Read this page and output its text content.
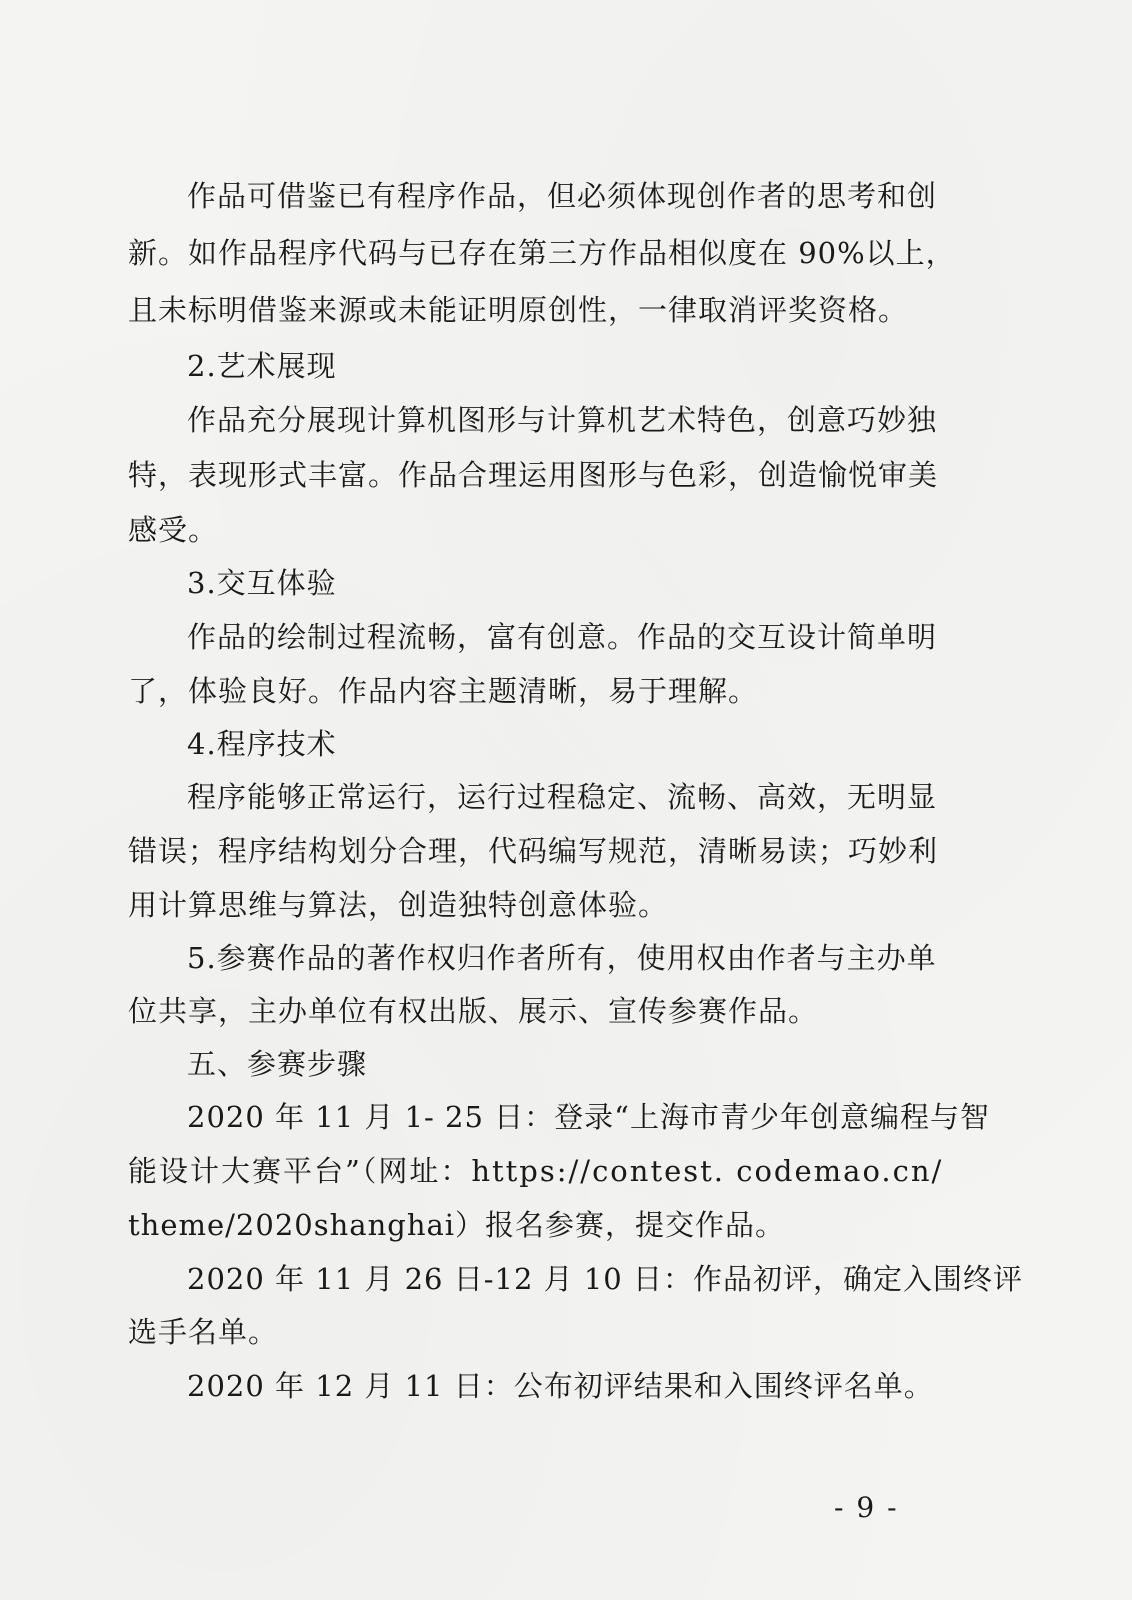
作品可借鉴已有程序作品，但必须体现创作者的思考和创
新。如作品程序代码与已存在第三方作品相似度在 90%以上，
且未标明借鉴来源或未能证明原创性，一律取消评奖资格。
2.艺术展现
作品充分展现计算机图形与计算机艺术特色，创意巧妙独
特，表现形式丰富。作品合理运用图形与色彩，创造愉悦审美
感受。
3.交互体验
作品的绘制过程流畅，富有创意。作品的交互设计简单明
了，体验良好。作品内容主题清晰，易于理解。
4.程序技术
程序能够正常运行，运行过程稳定、流畅、高效，无明显
错误；程序结构划分合理，代码编写规范，清晰易读；巧妙利
用计算思维与算法，创造独特创意体验。
5.参赛作品的著作权归作者所有，使用权由作者与主办单
位共享，主办单位有权出版、展示、宣传参赛作品。
五、参赛步骤
2020 年 11 月 1- 25 日：登录“上海市青少年创意编程与智
能设计大赛平台”（网址：https://contest. codemao.cn/
theme/2020shanghai）报名参赛，提交作品。
2020 年 11 月 26 日-12 月 10 日：作品初评，确定入围终评
选手名单。
2020 年 12 月 11 日：公布初评结果和入围终评名单。
- 9 -
